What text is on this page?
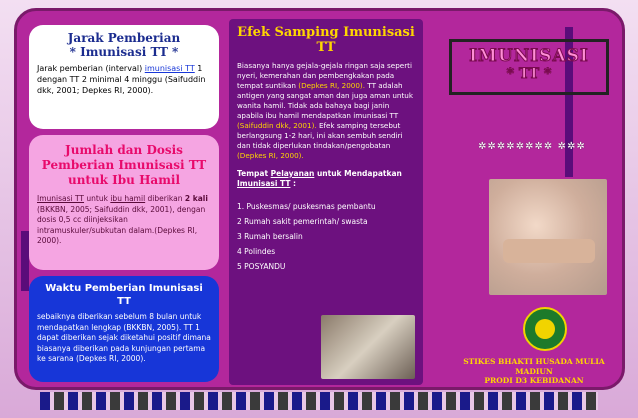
Jarak Pemberian
* Imunisasi TT *

Jarak pemberian (interval) imunisasi TT 1 dengan TT 2 minimal 4 minggu (Saifuddin dkk, 2001; Depkes RI, 2000).

Jumlah dan Dosis
Pemberian Imunisasi TT
untuk Ibu Hamil

Imunisasi TT untuk ibu hamil diberikan 2 kali (BKKBN, 2005; Saifuddin dkk, 2001), dengan dosis 0,5 cc diinjeksikan intramuskuler/subkutan dalam.(Depkes RI, 2000).

Waktu Pemberian Imunisasi TT

sebaiknya diberikan sebelum 8 bulan untuk mendapatkan lengkap (BKKBN, 2005). TT 1 dapat diberikan sejak diketahui positif dimana biasanya diberikan pada kunjungan pertama ke sarana (Depkes RI, 2000).

Efek Samping Imunisasi
TT

Biasanya hanya gejala-gejala ringan saja seperti nyeri, kemerahan dan pembengkakan pada tempat suntikan (Depkes RI, 2000). TT adalah antigen yang sangat aman dan juga aman untuk wanita hamil. Tidak ada bahaya bagi janin apabila ibu hamil mendapatkan imunisasi TT (Saifuddin dkk, 2001). Efek samping tersebut berlangsung 1-2 hari, ini akan sembuh sendiri dan tidak diperlukan tindakan/pengobatan (Depkes RI, 2000).

Tempat Pelayanan untuk Mendapatkan Imunisasi TT :
1. Puskesmas/ puskesmas pembantu
2 Rumah sakit pemerintah/ swasta
3 Rumah bersalin
4 Polindes
5 POSYANDU
IMUNISASI
* TT *
✲✲✲✲✲✲✲✲ ✲✲✲
STIKES BHAKTI HUSADA MULIA MADIUN
PRODI D3 KEBIDANAN
2013
